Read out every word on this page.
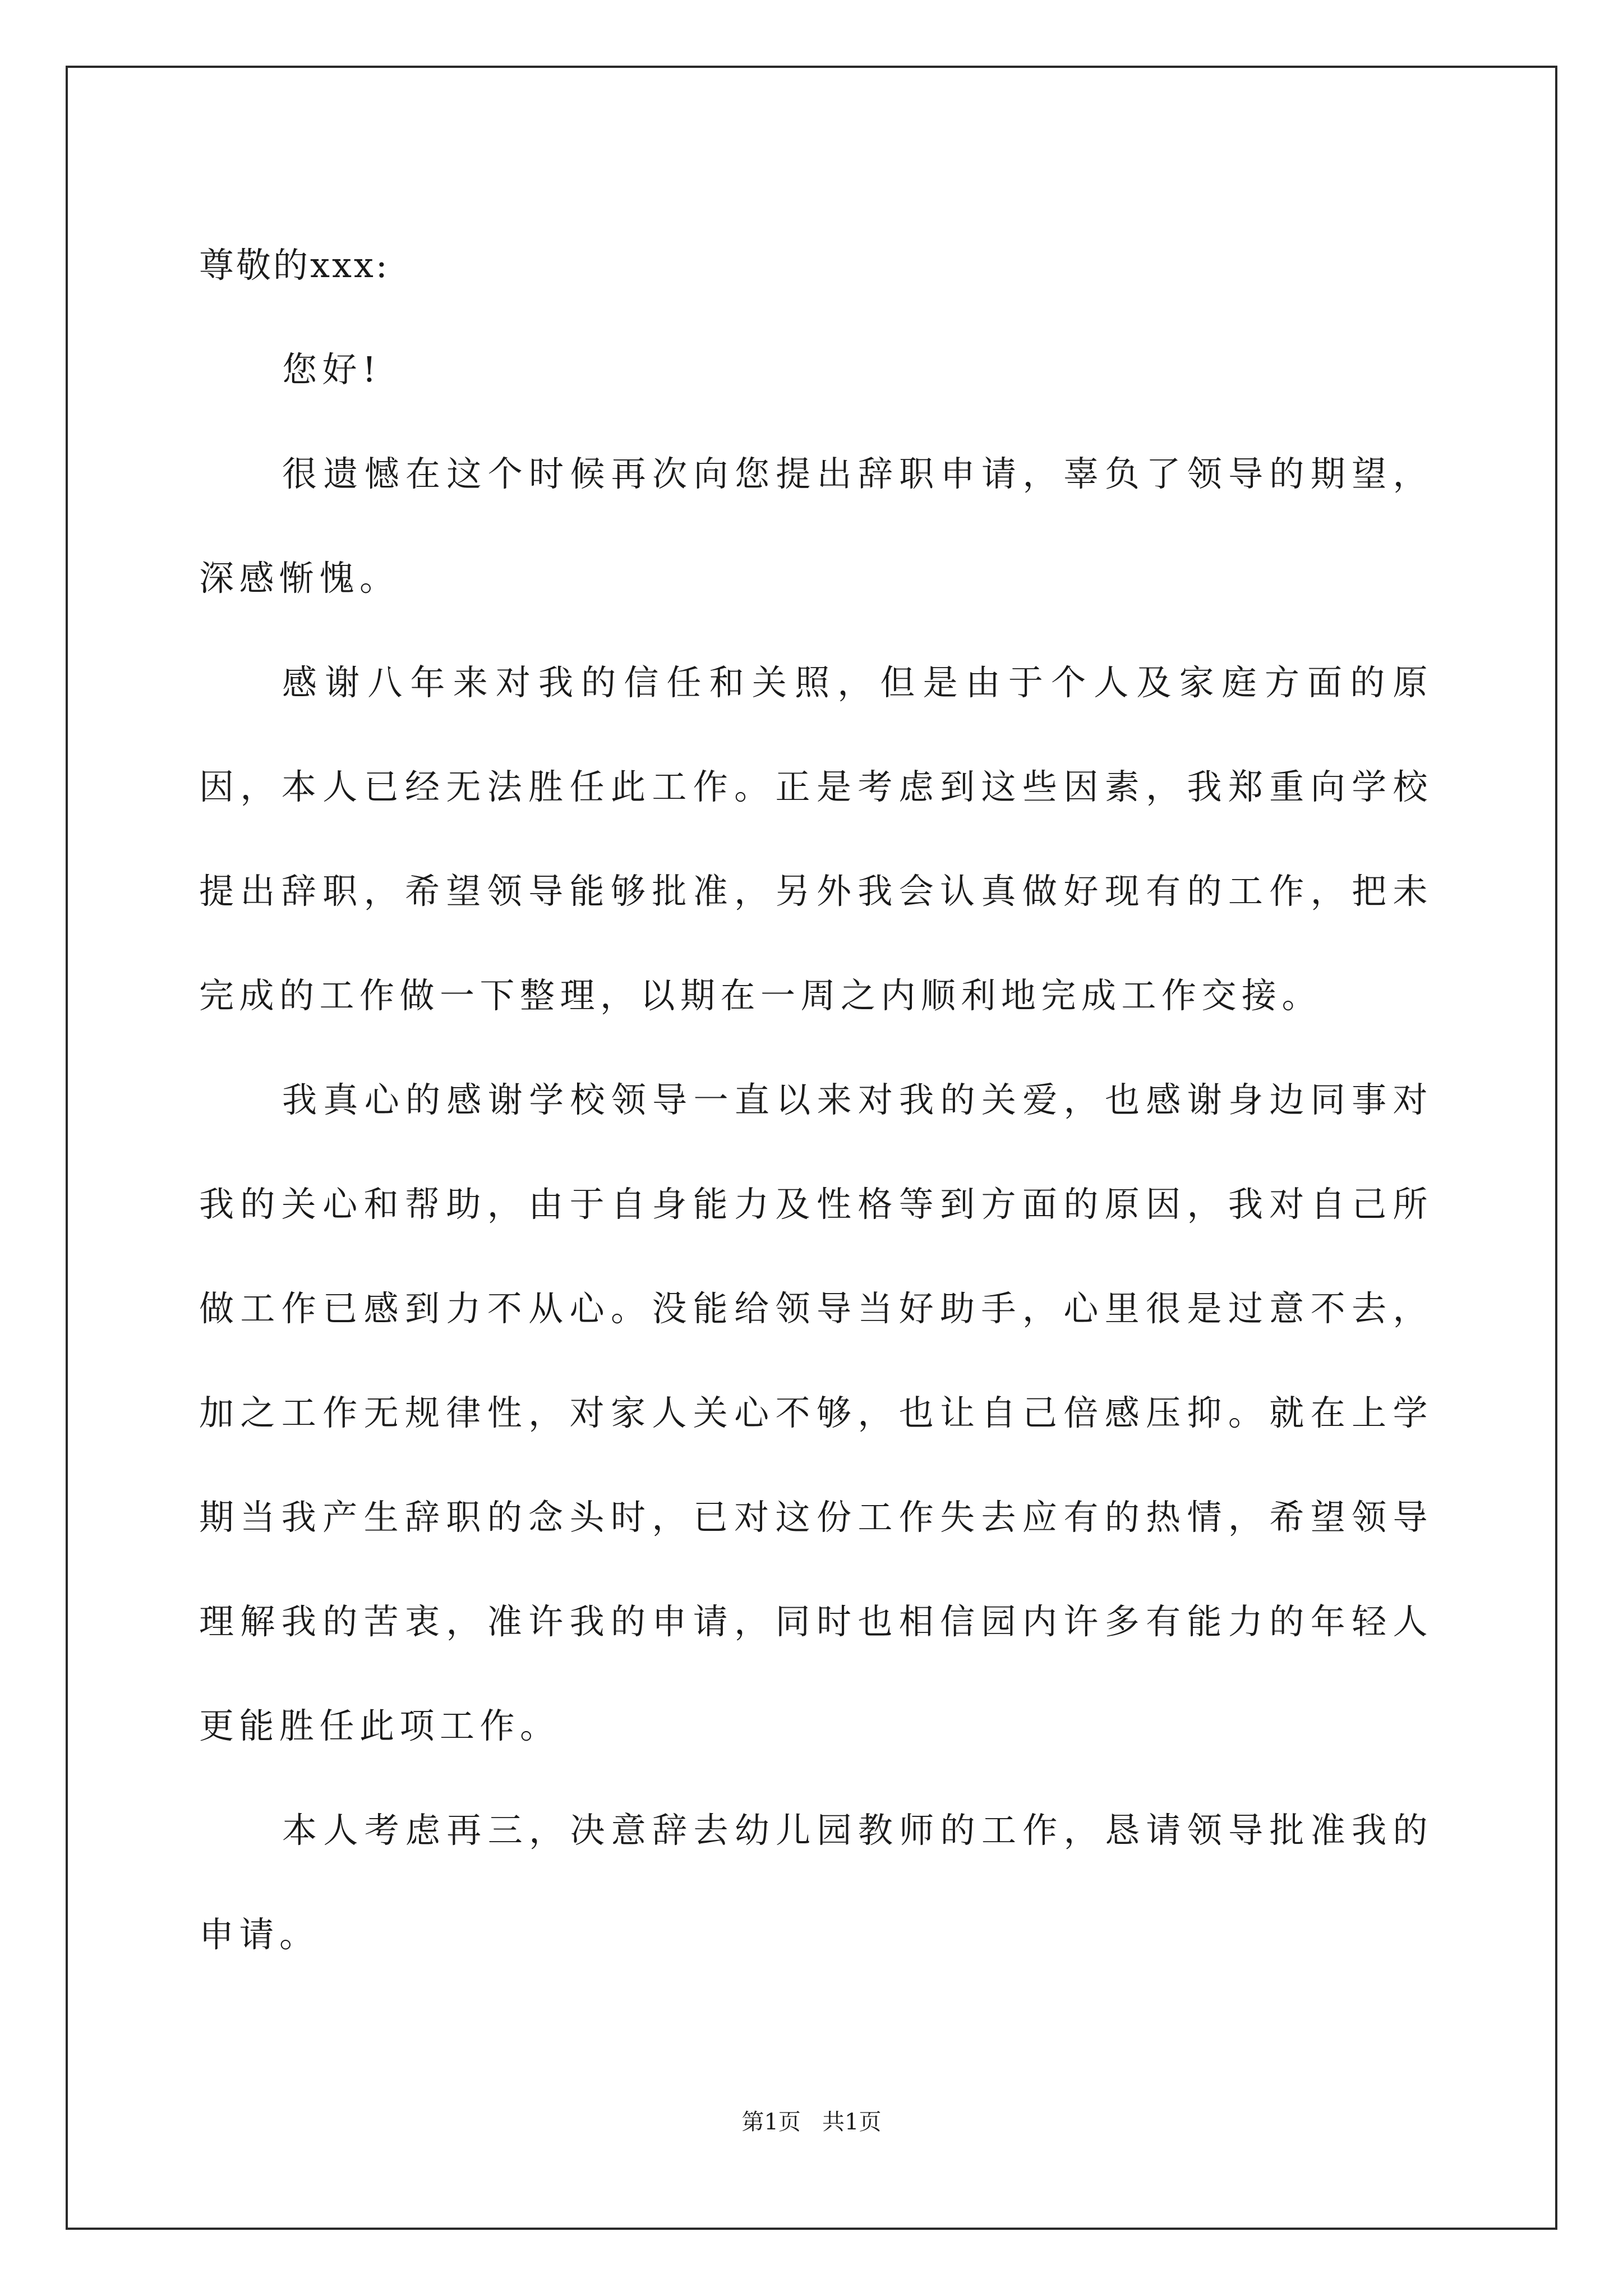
尊敬的xxx:

您好!

很遗憾在这个时候再次向您提出辞职申请，辜负了领导的期望，深感惭愧。

感谢八年来对我的信任和关照，但是由于个人及家庭方面的原因，本人已经无法胜任此工作。正是考虑到这些因素，我郑重向学校提出辞职，希望领导能够批准，另外我会认真做好现有的工作，把未完成的工作做一下整理，以期在一周之内顺利地完成工作交接。

我真心的感谢学校领导一直以来对我的关爱，也感谢身边同事对我的关心和帮助，由于自身能力及性格等到方面的原因，我对自己所做工作已感到力不从心。没能给领导当好助手，心里很是过意不去，加之工作无规律性，对家人关心不够，也让自己倍感压抑。就在上学期当我产生辞职的念头时，已对这份工作失去应有的热情，希望领导理解我的苦衷，准许我的申请，同时也相信园内许多有能力的年轻人更能胜任此项工作。

本人考虑再三，决意辞去幼儿园教师的工作，恳请领导批准我的申请。

第1页   共1页
